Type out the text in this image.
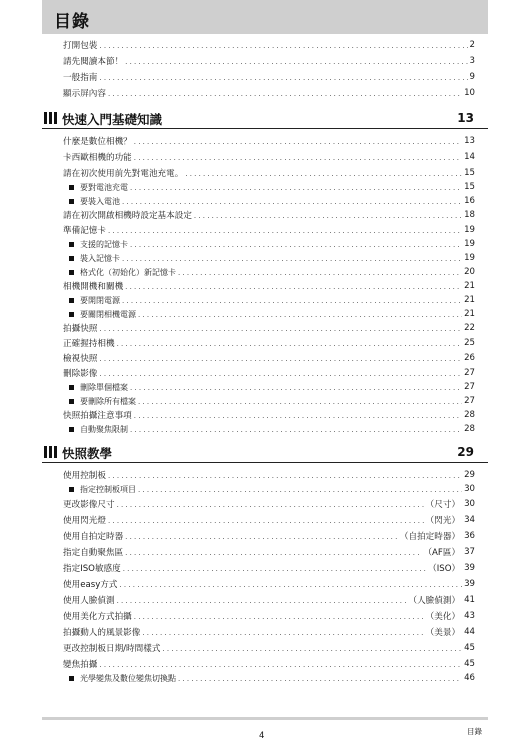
目錄
打開包裝 .....	2
請先閱讀本節！ .....	3
一般指南 .....	9
顯示屏內容 .....	10
快速入門基礎知識	13
什麼是數位相機？ .....	13
卡西歐相機的功能 .....	14
請在初次使用前先對電池充電。 .....	15
要對電池充電 .....	15
要裝入電池 .....	16
請在初次開啟相機時設定基本設定 .....	18
準備記憶卡 .....	19
支援的記憶卡 .....	19
裝入記憶卡 .....	19
格式化（初始化）新記憶卡 .....	20
相機開機和關機 .....	21
要開閉電源 .....	21
要關閉相機電源 .....	21
拍攝快照 .....	22
正確握持相機 .....	25
檢視快照 .....	26
刪除影像 .....	27
刪除單個檔案 .....	27
要刪除所有檔案 .....	27
快照拍攝注意事項 .....	28
自動聚焦限制 .....	28
快照教學	29
使用控制板 .....	29
指定控制板項目 .....	30
更改影像尺寸 .....	（尺寸） 30
使用閃光燈 .....	（閃光） 34
使用自拍定時器 .....	（自拍定時器） 36
指定自動聚焦區 .....	（AF區） 37
指定ISO敏感度 .....	（ISO） 39
使用easy方式 .....	39
使用人臉偵測 .....	（人臉偵測） 41
使用美化方式拍攝 .....	（美化） 43
拍攝動人的風景影像 .....	（美景） 44
更改控制板日期/時間樣式 .....	45
變焦拍攝 .....	45
光學變焦及數位變焦切換點 .....	46
4	目錄
